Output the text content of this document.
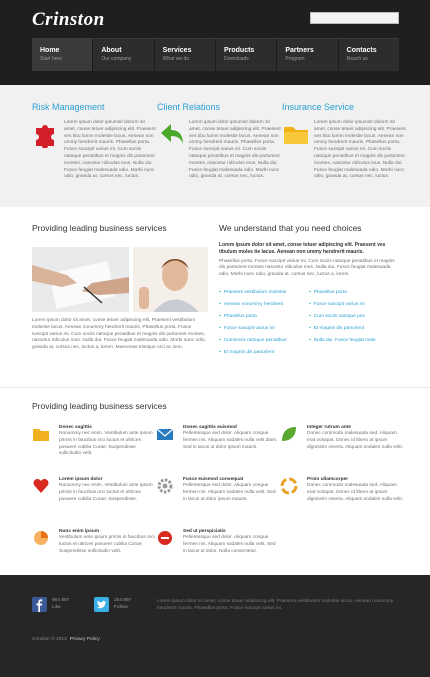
Crinston
Home
Start here
About
Our company
Services
What we do
Products
Downloads
Partners
Program
Contacts
Reach us
Risk Management
Lorem ipsum dolor ipsumsit dolorm sit amet, conse tetuer adipiscing elit. Praesent ves tibu lumm molestie lacus. Aenean non ummy hendrerit mauris. Phasellus porta. Fusce suscipit varius mi. Cum sociis natoque penatibus et magnis dis parturient montes, nascetur ridiculus mus. Nulla dui. Fusce feugiat malesuada odio. Morbi nunc odio, gravida at, cursus nec, luctus.
Client Relations
Lorem ipsum dolor ipsumsit dolorm sit amet, conse tetuer adipiscing elit. Praesent ves tibu lumm molestie lacus. Aenean non ummy hendrerit mauris. Phasellus porta. Fusce suscipit varius mi. Cum sociis natoque penatibus et magnis dis parturient montes, nascetur ridiculus mus. Nulla dui. Fusce feugiat malesuada odio. Morbi nunc odio, gravida at, cursus nec, luctus.
Insurance Service
Lorem ipsum dolor ipsumsit dolorm sit amet, conse tetuer adipiscing elit. Praesent ves tibu lumm molestie lacus. Aenean non ummy hendrerit mauris. Phasellus porta. Fusce suscipit varius mi. Cum sociis natoque penatibus et magnis dis parturient montes, nascetur ridiculus mus. Nulla dui. Fusce feugiat malesuada odio. Morbi nunc odio, gravida at, cursus nec, luctus.
Providing leading business services
Lorem ipsum dolor sit amet, conse tetuer adipiscing elit. Praesent vestibulum molestie lacus. Aenean nonummy hendrerit mauris. Phasellus porta. Fusce suscipit varius mi. Cum sociis natoque penatibus et magnis dis parturient montes, nascetur ridiculus mus. Nulla dui. Fusce feugiat malesuada odio. Morbi nunc odio, gravida at, cursus nec, luctus a, lorem. Maecenas tristique orci ac sem.
We understand that you need choices
Lorem ipsum dolor sit amet, conse tetuer adipiscing elit. Praesent ves tibulum moles tie lacus. Aenean non ummy hendrerit mauris.
Phasellus porta. Fusce suscipit varius mi. Cum sociis natoque penatibus et magnis dis parturient montes nascetur ridiculus mus. Nulla dui. Fusce feugiat malesuada odio. Morbi nunc odio, gravida at, cursus nec, luctus a, lorem.
• Praesent vestibulum molestie
• Aenean nonummy hendrerit
• Phasellus porta
• Fusce suscipit varius mi
• Cumsociis natoque penatibus
• Et magnis dis parturient
• Phasellus porta
• Fusce suscipit varius mi
• Cum sociis natoque pen
• Et magnis dis parturient
• Nulla dui. Fusce feugiat male
Providing leading business services
Donec sagittis
Nonummy nec enim. Vestibulum ante ipsum primis in faucibus orci luctus et ultrices posuere cubilia Curae; Suspendisse sollicitudin velit.
Donec sagittis euismod
Pellentesque sed dolor. Aliquam congue fermen nis. Aliquam sodales nulla velit diam. Sed in lacus ut dolor ipsum mauris.
Integer rutrum ante
Donec commodo malesuada sed. Aliquam erat volutpat. Donec id libero at ipsum dignissim viverra. Aliquam sodales nulla velit.
Lorem ipsum dolor
Nonummy nec enim. Vestibulum ante ipsum primis in faucibus orci luctus et ultrices posuere cubilia Curae; Suspendisse.
Fusce euismod consequat
Pellentesque sed dolor. Aliquam congue fermen nis. Aliquam sodales nulla velit. Sed in lacus ut dolor ipsum mauris.
Proin ullamcorper
Donec commodo malesuada sed. Aliquam erat volutpat. Donec id libero at ipsum dignissim viverra. Aliquam sodales nulla velit.
Nunc enim ipsum
Vestibulum ante ipsum primis in faucibus orci luctus et ultrices posuere cubilia Curae; Suspendisse sollicitudin velit.
Sed ut perspiciatis
Pellentesque sed dolor. Aliquam congue fermen nis. Aliquam sodales nulla velit. Sed in lacus ut dolor. Nulla consectetur.
964 897
Like
254 897
Follow
Lorem ipsum dolor sit amet, conse tetuer adipiscing elit. Praesent vestibulum molestie lacus. Aenean nonummy hendrerit mauris. Phasellus porta. Fusce suscipit varius mi.
Crinston © 2013 Privacy Policy
